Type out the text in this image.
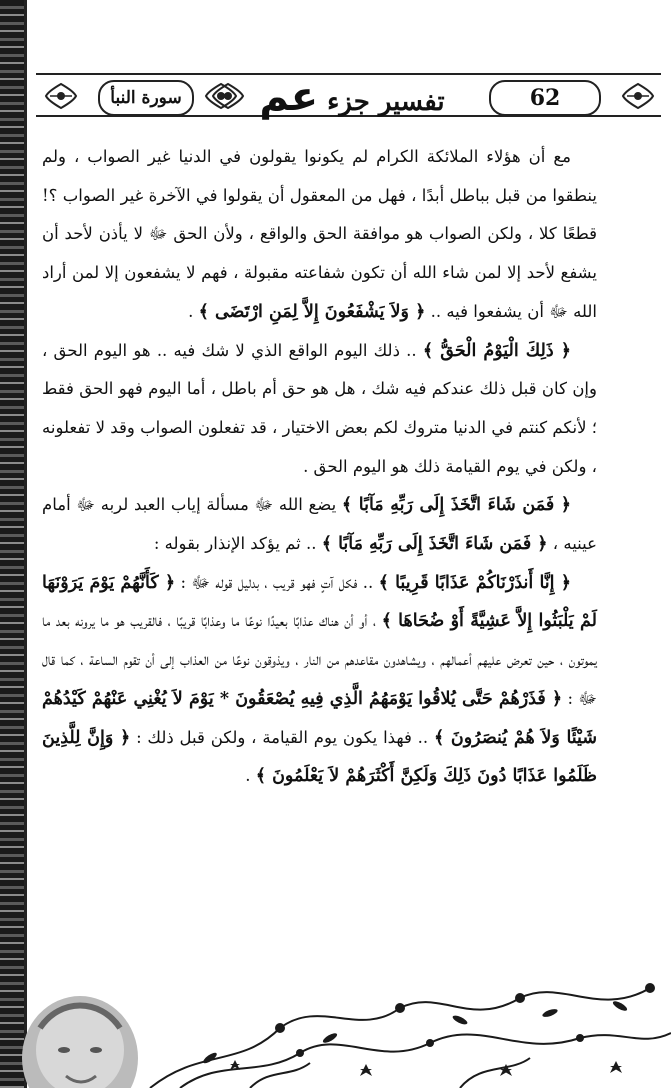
62
تفسير جزء عم
سورة النبأ

مع أن هؤلاء الملائكة الكرام لم يكونوا يقولون في الدنيا غير الصواب ، ولم ينطقوا من قبل بباطل أبدًا ، فهل من المعقول أن يقولوا في الآخرة غير الصواب ؟! قطعًا كلا ، ولكن الصواب هو موافقة الحق والواقع ، ولأن الحق ﷻ لا يأذن لأحد أن يشفع لأحد إلا لمن شاء الله أن تكون شفاعته مقبولة ، فهم لا يشفعون إلا لمن أراد الله ﷻ أن يشفعوا فيه .. ﴿ وَلاَ يَشْفَعُونَ إِلاَّ لِمَنِ ارْتَضَى ﴾ .

﴿ ذَلِكَ الْيَوْمُ الْحَقُّ ﴾ .. ذلك اليوم الواقع الذي لا شك فيه .. هو اليوم الحق ، وإن كان قبل ذلك عندكم فيه شك ، هل هو حق أم باطل ، أما اليوم فهو الحق فقط ؛ لأنكم كنتم في الدنيا متروك لكم بعض الاختيار ، قد تفعلون الصواب وقد لا تفعلونه ، ولكن في يوم القيامة ذلك هو اليوم الحق .

﴿ فَمَن شَاءَ اتَّخَذَ إِلَى رَبِّهِ مَآبًا ﴾ يضع الله ﷻ مسألة إياب العبد لربه ﷻ أمام عينيه ، ﴿ فَمَن شَاءَ اتَّخَذَ إِلَى رَبِّهِ مَآبًا ﴾ .. ثم يؤكد الإنذار بقوله :

﴿ إِنَّا أَنذَرْنَاكُمْ عَذَابًا قَرِيبًا ﴾ .. فكل آتٍ فهو قريب ، بدليل قوله ﷻ : ﴿ كَأَنَّهُمْ يَوْمَ يَرَوْنَهَا لَمْ يَلْبَثُوا إِلاَّ عَشِيَّةً أَوْ ضُحَاهَا ﴾ ، أو أن هناك عذابًا بعيدًا نوعًا ما وعذابًا قريبًا ، فالقريب هو ما يرونه بعد ما يموتون ، حين تعرض عليهم أعمالهم ، ويشاهدون مقاعدهم من النار ، ويذوقون نوعًا من العذاب إلى أن تقوم الساعة ، كما قال ﷻ : ﴿ فَذَرْهُمْ حَتَّى يُلاقُوا يَوْمَهُمُ الَّذِي فِيهِ يُصْعَقُونَ * يَوْمَ لاَ يُغْنِي عَنْهُمْ كَيْدُهُمْ شَيْئًا وَلاَ هُمْ يُنصَرُونَ ﴾ .. فهذا يكون يوم القيامة ، ولكن قبل ذلك : ﴿ وَإِنَّ لِلَّذِينَ ظَلَمُوا عَذَابًا دُونَ ذَلِكَ وَلَكِنَّ أَكْثَرَهُمْ لاَ يَعْلَمُونَ ﴾ .
